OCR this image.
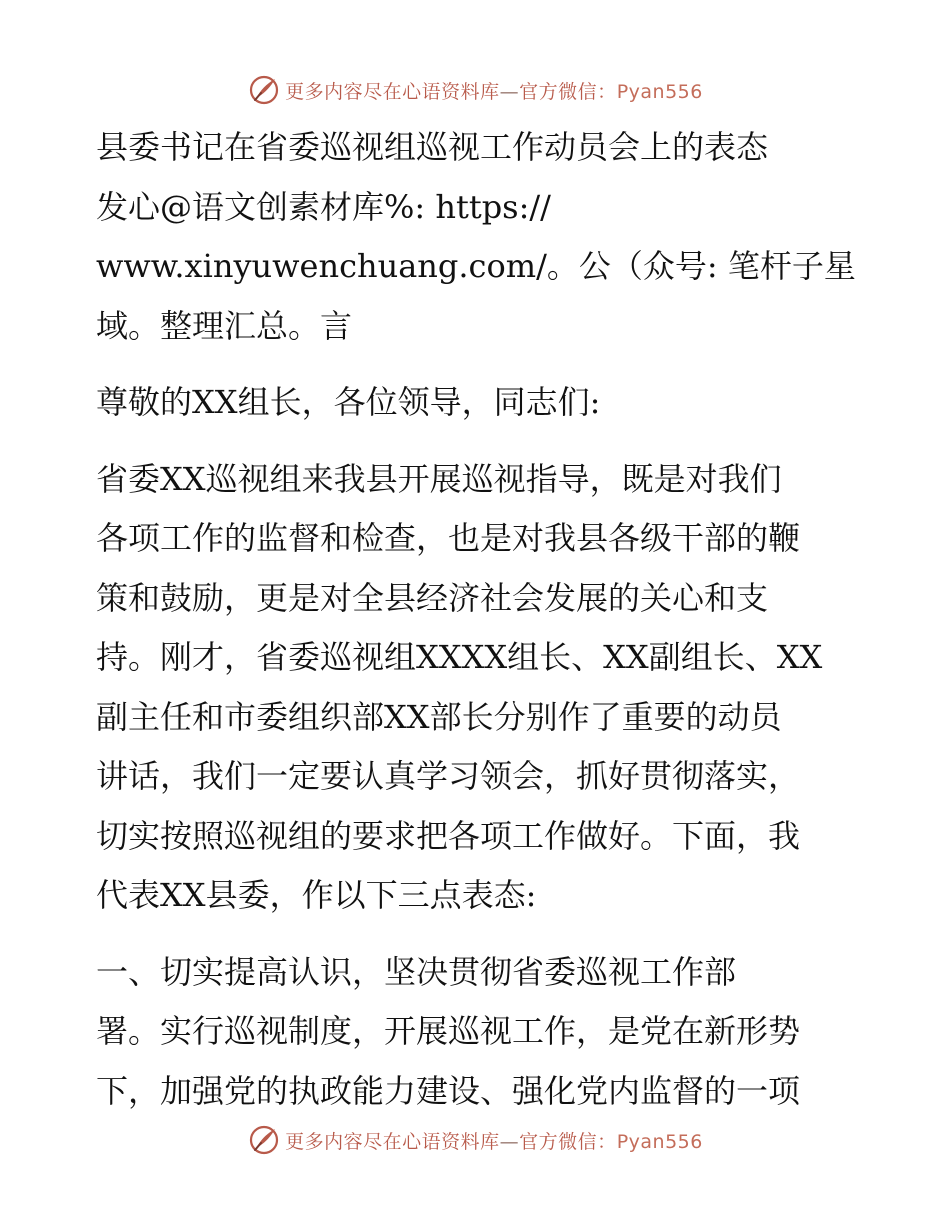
更多内容尽在心语资料库—官方微信：Pyan556

县委书记在省委巡视组巡视工作动员会上的表态
发心@语文创素材库%: https://
www.xinyuwenchuang.com/。公（众号: 笔杆子星
域。整理汇总。言

尊敬的XX组长，各位领导，同志们:

省委XX巡视组来我县开展巡视指导，既是对我们
各项工作的监督和检查，也是对我县各级干部的鞭
策和鼓励，更是对全县经济社会发展的关心和支
持。刚才，省委巡视组XXXX组长、XX副组长、XX
副主任和市委组织部XX部长分别作了重要的动员
讲话，我们一定要认真学习领会，抓好贯彻落实，
切实按照巡视组的要求把各项工作做好。下面，我
代表XX县委，作以下三点表态:

一、切实提高认识，坚决贯彻省委巡视工作部
署。实行巡视制度，开展巡视工作，是党在新形势
下，加强党的执政能力建设、强化党内监督的一项

更多内容尽在心语资料库—官方微信：Pyan556
